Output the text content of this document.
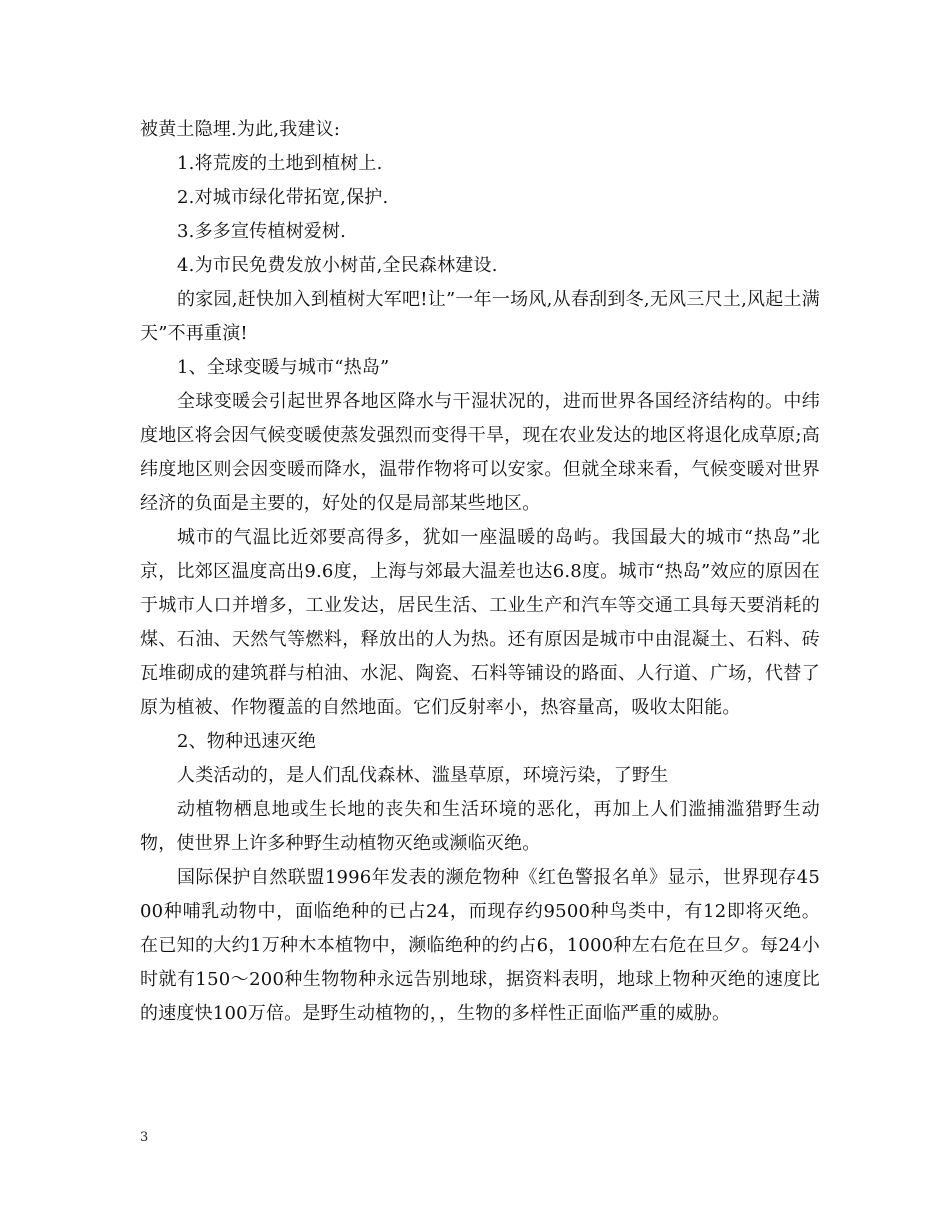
被黄土隐埋.为此,我建议:

1.将荒废的土地到植树上.

2.对城市绿化带拓宽,保护.

3.多多宣传植树爱树.

4.为市民免费发放小树苗,全民森林建设.

的家园,赶快加入到植树大军吧!让”一年一场风,从春刮到冬,无风三尺土,风起土满天”不再重演!

1、全球变暖与城市“热岛”

全球变暖会引起世界各地区降水与干湿状况的，进而世界各国经济结构的。中纬度地区将会因气候变暖使蒸发强烈而变得干旱，现在农业发达的地区将退化成草原;高纬度地区则会因变暖而降水，温带作物将可以安家。但就全球来看，气候变暖对世界经济的负面是主要的，好处的仅是局部某些地区。

城市的气温比近郊要高得多，犹如一座温暖的岛屿。我国最大的城市“热岛”北京，比郊区温度高出9.6度，上海与郊最大温差也达6.8度。城市“热岛”效应的原因在于城市人口并增多，工业发达，居民生活、工业生产和汽车等交通工具每天要消耗的煤、石油、天然气等燃料，释放出的人为热。还有原因是城市中由混凝土、石料、砖瓦堆砌成的建筑群与柏油、水泥、陶瓷、石料等铺设的路面、人行道、广场，代替了原为植被、作物覆盖的自然地面。它们反射率小，热容量高，吸收太阳能。

2、物种迅速灭绝

人类活动的，是人们乱伐森林、滥垦草原，环境污染，了野生

动植物栖息地或生长地的丧失和生活环境的恶化，再加上人们滥捕滥猎野生动物，使世界上许多种野生动植物灭绝或濒临灭绝。

国际保护自然联盟1996年发表的濒危物种《红色警报名单》显示，世界现存4500种哺乳动物中，面临绝种的已占24，而现存约9500种鸟类中，有12即将灭绝。在已知的大约1万种木本植物中，濒临绝种的约占6，1000种左右危在旦夕。每24小时就有150～200种生物物种永远告别地球，据资料表明，地球上物种灭绝的速度比的速度快100万倍。是野生动植物的，，生物的多样性正面临严重的威胁。

3
